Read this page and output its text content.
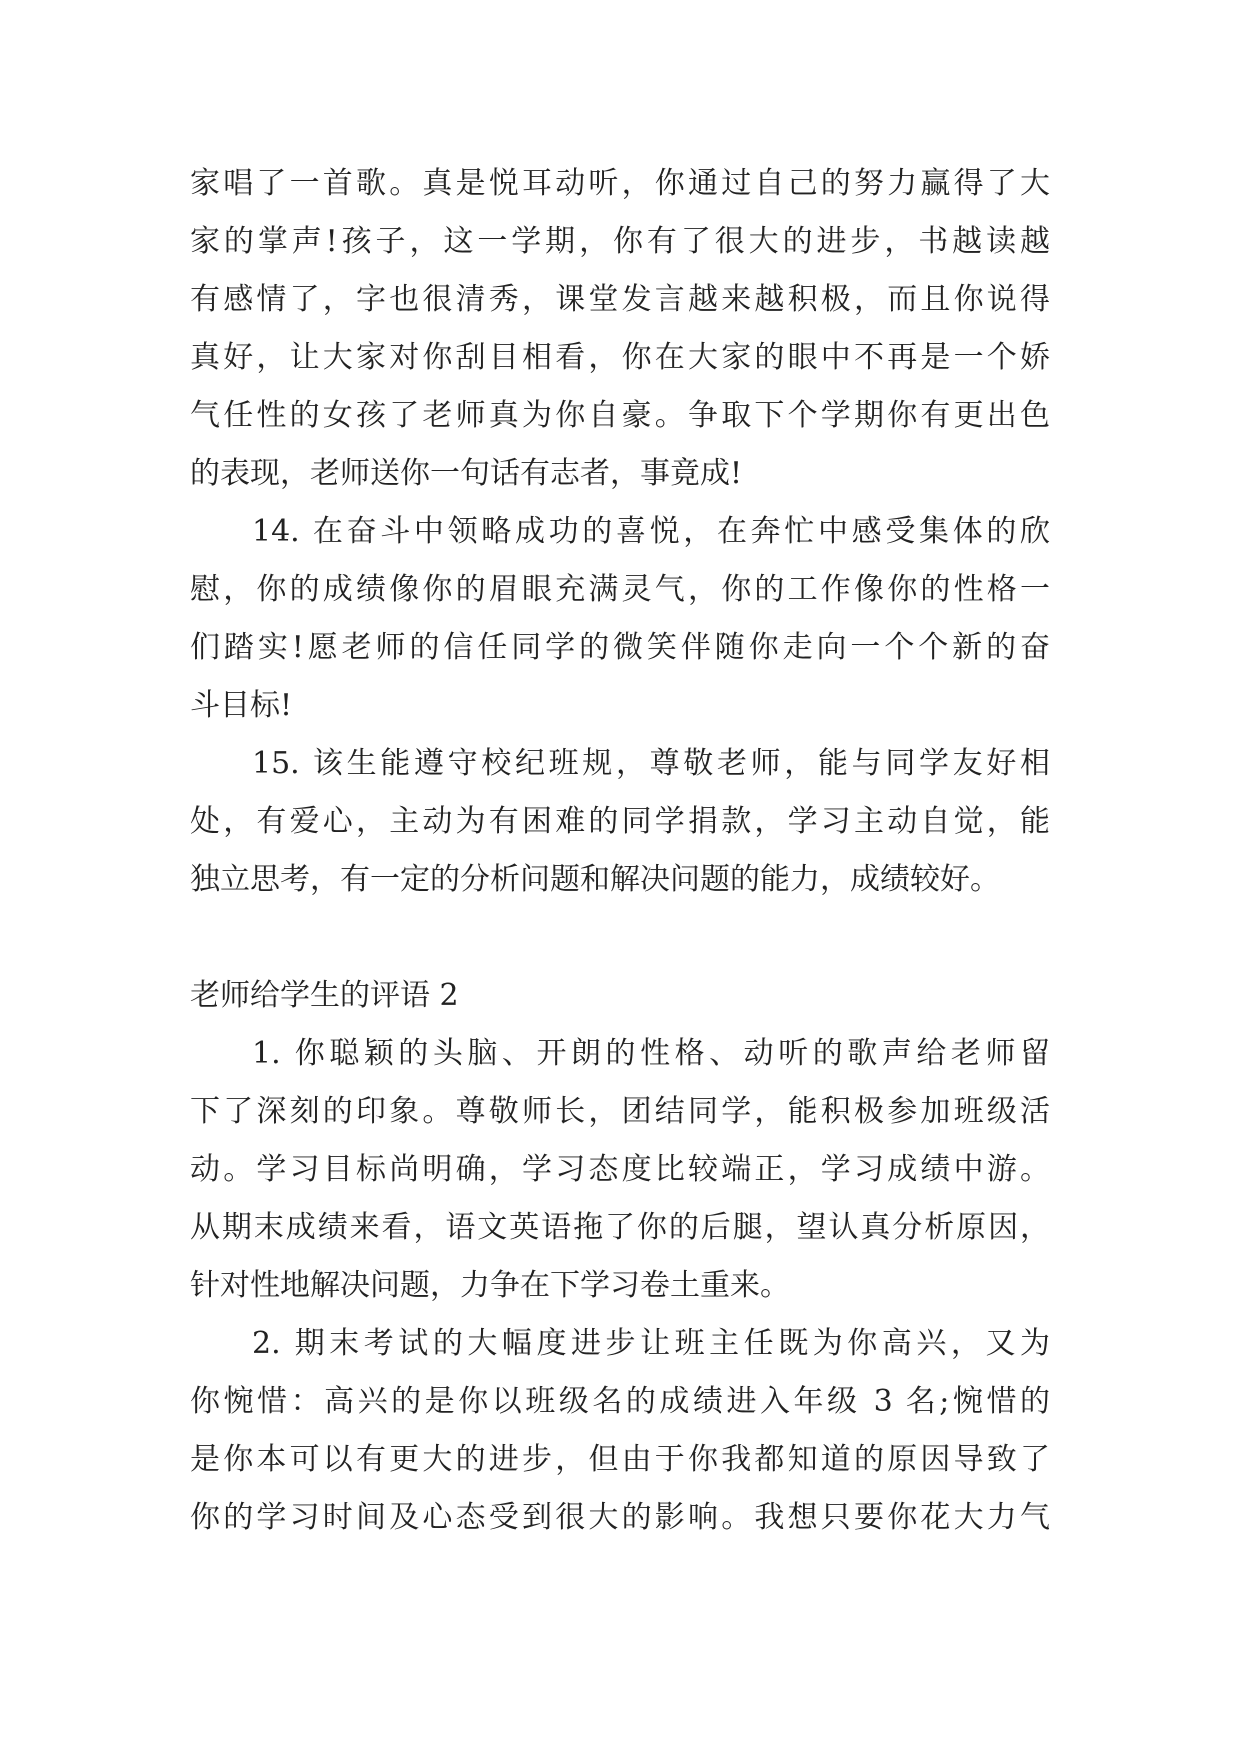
家唱了一首歌。真是悦耳动听，你通过自己的努力赢得了大
家的掌声!孩子，这一学期，你有了很大的进步，书越读越
有感情了，字也很清秀，课堂发言越来越积极，而且你说得
真好，让大家对你刮目相看，你在大家的眼中不再是一个娇
气任性的女孩了老师真为你自豪。争取下个学期你有更出色
的表现，老师送你一句话有志者，事竟成!
14. 在奋斗中领略成功的喜悦，在奔忙中感受集体的欣
慰，你的成绩像你的眉眼充满灵气，你的工作像你的性格一
们踏实!愿老师的信任同学的微笑伴随你走向一个个新的奋
斗目标!
15. 该生能遵守校纪班规，尊敬老师，能与同学友好相
处，有爱心，主动为有困难的同学捐款，学习主动自觉，能
独立思考，有一定的分析问题和解决问题的能力，成绩较好。
老师给学生的评语 2
1. 你聪颖的头脑、开朗的性格、动听的歌声给老师留
下了深刻的印象。尊敬师长，团结同学，能积极参加班级活
动。学习目标尚明确，学习态度比较端正，学习成绩中游。
从期末成绩来看，语文英语拖了你的后腿，望认真分析原因，
针对性地解决问题，力争在下学习卷土重来。
2. 期末考试的大幅度进步让班主任既为你高兴，又为
你惋惜：高兴的是你以班级名的成绩进入年级 3 名;惋惜的
是你本可以有更大的进步，但由于你我都知道的原因导致了
你的学习时间及心态受到很大的影响。我想只要你花大力气
